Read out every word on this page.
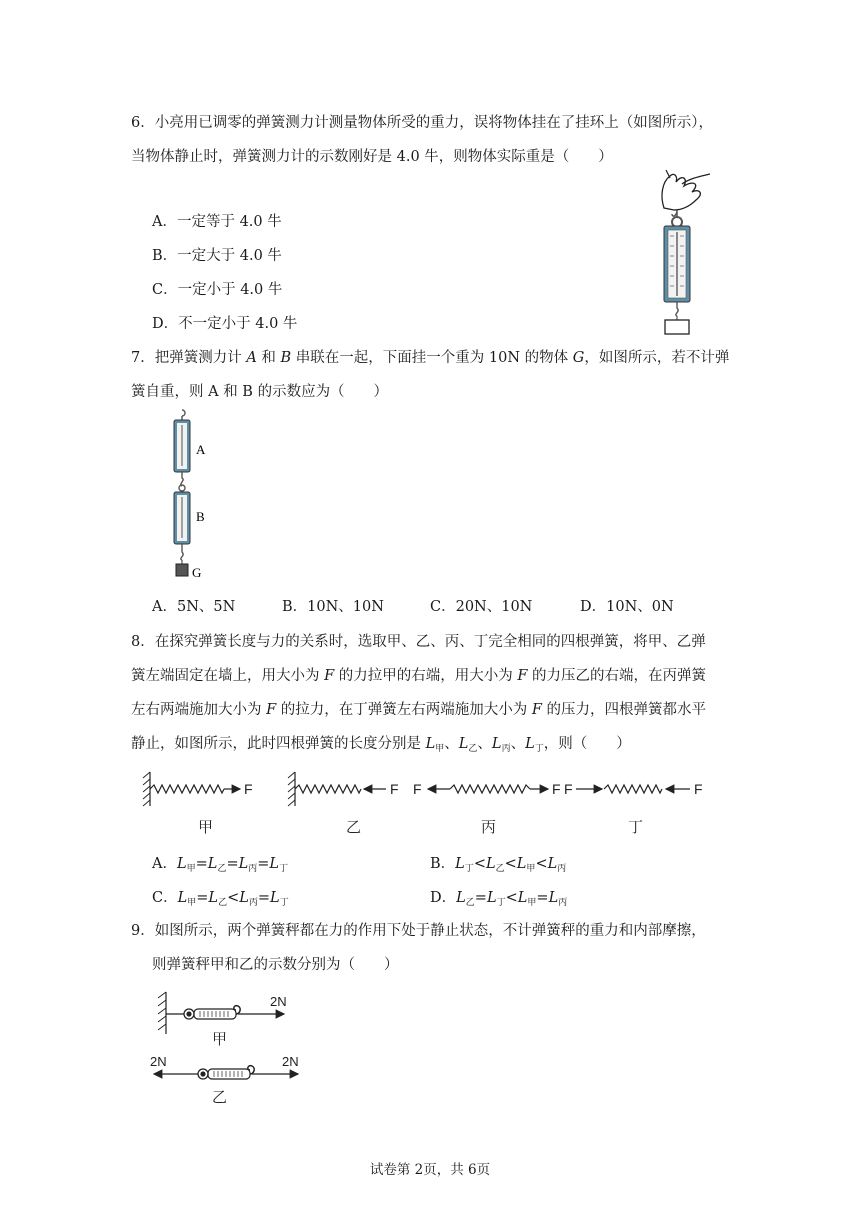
6．小亮用已调零的弹簧测力计测量物体所受的重力，误将物体挂在了挂环上（如图所示），
当物体静止时，弹簧测力计的示数刚好是 4.0 牛，则物体实际重是（　　）
A．一定等于 4.0 牛
B．一定大于 4.0 牛
C．一定小于 4.0 牛
D．不一定小于 4.0 牛
7．把弹簧测力计 A 和 B 串联在一起，下面挂一个重为 10N 的物体 G，如图所示，若不计弹
簧自重，则 A 和 B 的示数应为（　　）
A
B
G
A．5N、5N	B．10N、10N	C．20N、10N	D．10N、0N
8．在探究弹簧长度与力的关系时，选取甲、乙、丙、丁完全相同的四根弹簧，将甲、乙弹
簧左端固定在墙上，用大小为 F 的力拉甲的右端，用大小为 F 的力压乙的右端，在丙弹簧
左右两端施加大小为 F 的拉力，在丁弹簧左右两端施加大小为 F 的压力，四根弹簧都水平
静止，如图所示，此时四根弹簧的长度分别是 $L_甲$、$L_乙$、$L_丙$、$L_丁$，则（　　）
F	F F	F F	F
甲	乙	丙	丁
A．$L_甲=L_乙=L_丙=L_丁$	B．$L_丁<L_乙<L_甲<L_丙$
C．$L_甲=L_乙<L_丙=L_丁$	D．$L_乙=L_丁<L_甲=L_丙$
9．如图所示，两个弹簧秤都在力的作用下处于静止状态，不计弹簧秤的重力和内部摩擦，
则弹簧秤甲和乙的示数分别为（　　）
2N
2N	2N
甲
乙
试卷第 2页，共 6页
